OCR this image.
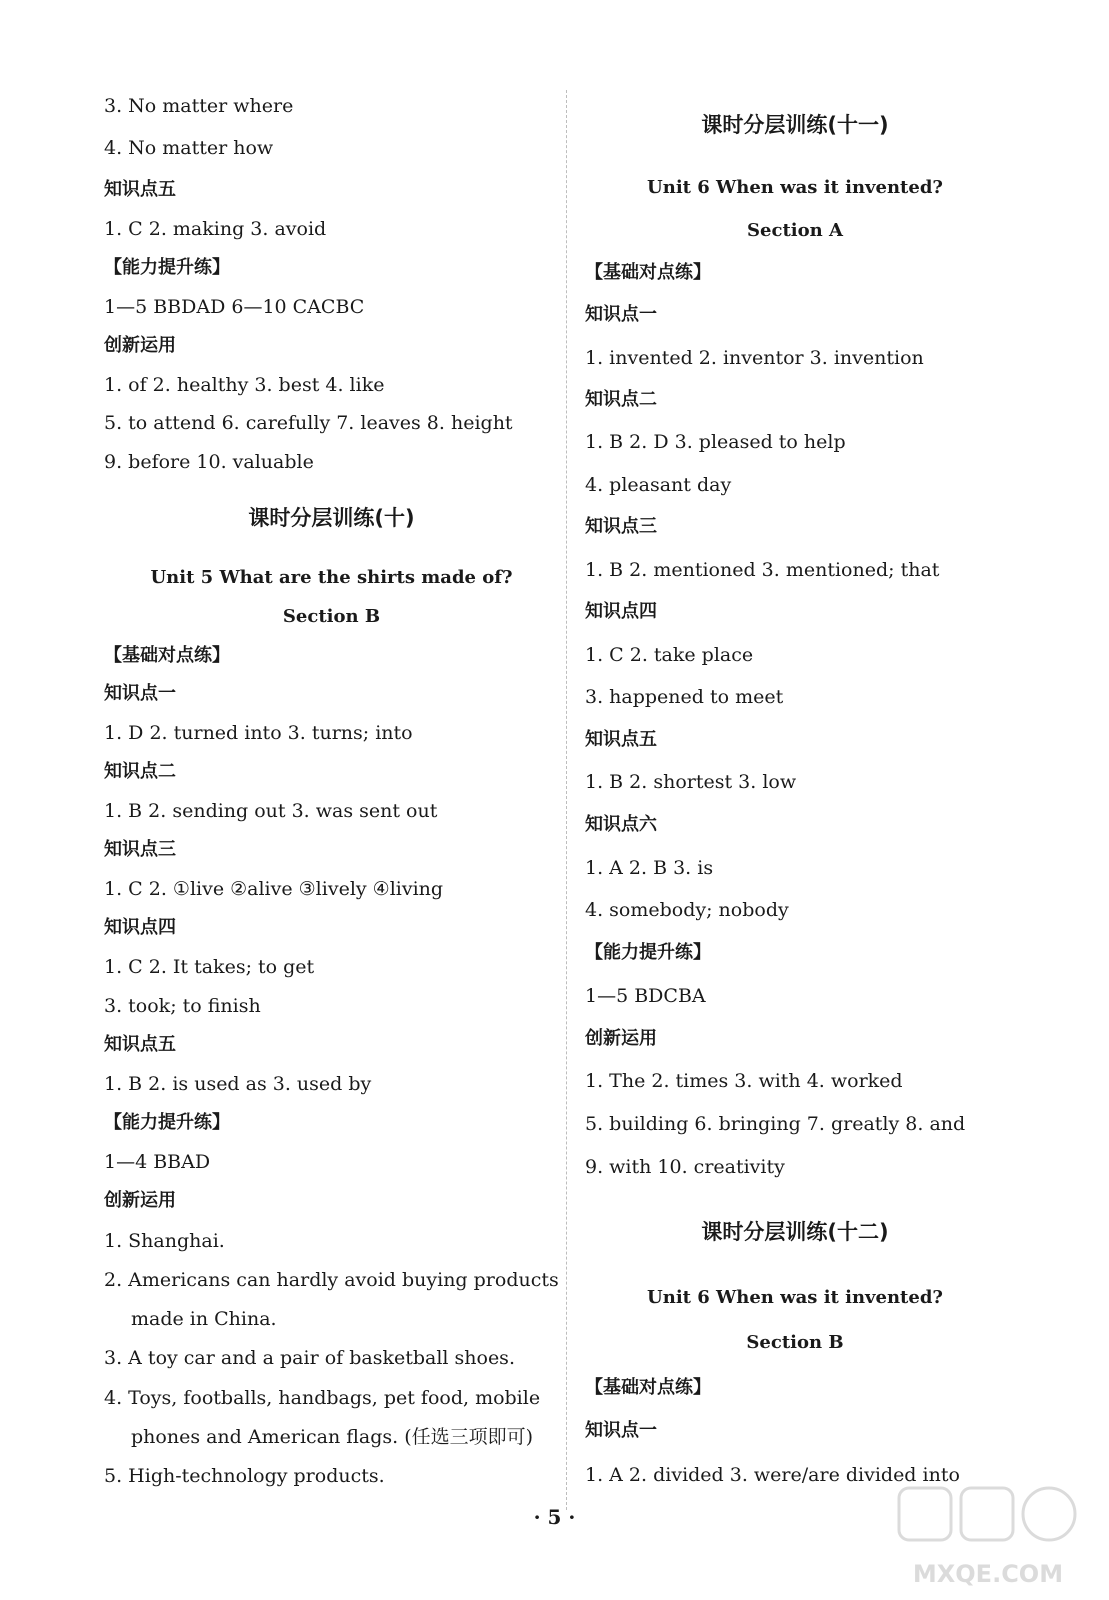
3. No matter where
4. No matter how
知识点五
1. C 2. making 3. avoid
【能力提升练】
1—5 BBDAD 6—10 CACBC
创新运用
1. of 2. healthy 3. best 4. like
5. to attend 6. carefully 7. leaves 8. height
9. before 10. valuable
课时分层训练(十)
Unit 5 What are the shirts made of?
Section B
【基础对点练】
知识点一
1. D 2. turned into 3. turns; into
知识点二
1. B 2. sending out 3. was sent out
知识点三
1. C 2. ①live ②alive ③lively ④living
知识点四
1. C 2. It takes; to get
3. took; to finish
知识点五
1. B 2. is used as 3. used by
【能力提升练】
1—4 BBAD
创新运用
1. Shanghai.
2. Americans can hardly avoid buying products
made in China.
3. A toy car and a pair of basketball shoes.
4. Toys, footballs, handbags, pet food, mobile
phones and American flags. (任选三项即可)
5. High-technology products.
课时分层训练(十一)
Unit 6 When was it invented?
Section A
【基础对点练】
知识点一
1. invented 2. inventor 3. invention
知识点二
1. B 2. D 3. pleased to help
4. pleasant day
知识点三
1. B 2. mentioned 3. mentioned; that
知识点四
1. C 2. take place
3. happened to meet
知识点五
1. B 2. shortest 3. low
知识点六
1. A 2. B 3. is
4. somebody; nobody
【能力提升练】
1—5 BDCBA
创新运用
1. The 2. times 3. with 4. worked
5. building 6. bringing 7. greatly 8. and
9. with 10. creativity
课时分层训练(十二)
Unit 6 When was it invented?
Section B
【基础对点练】
知识点一
1. A 2. divided 3. were/are divided into
· 5 ·
MXQE.COM
